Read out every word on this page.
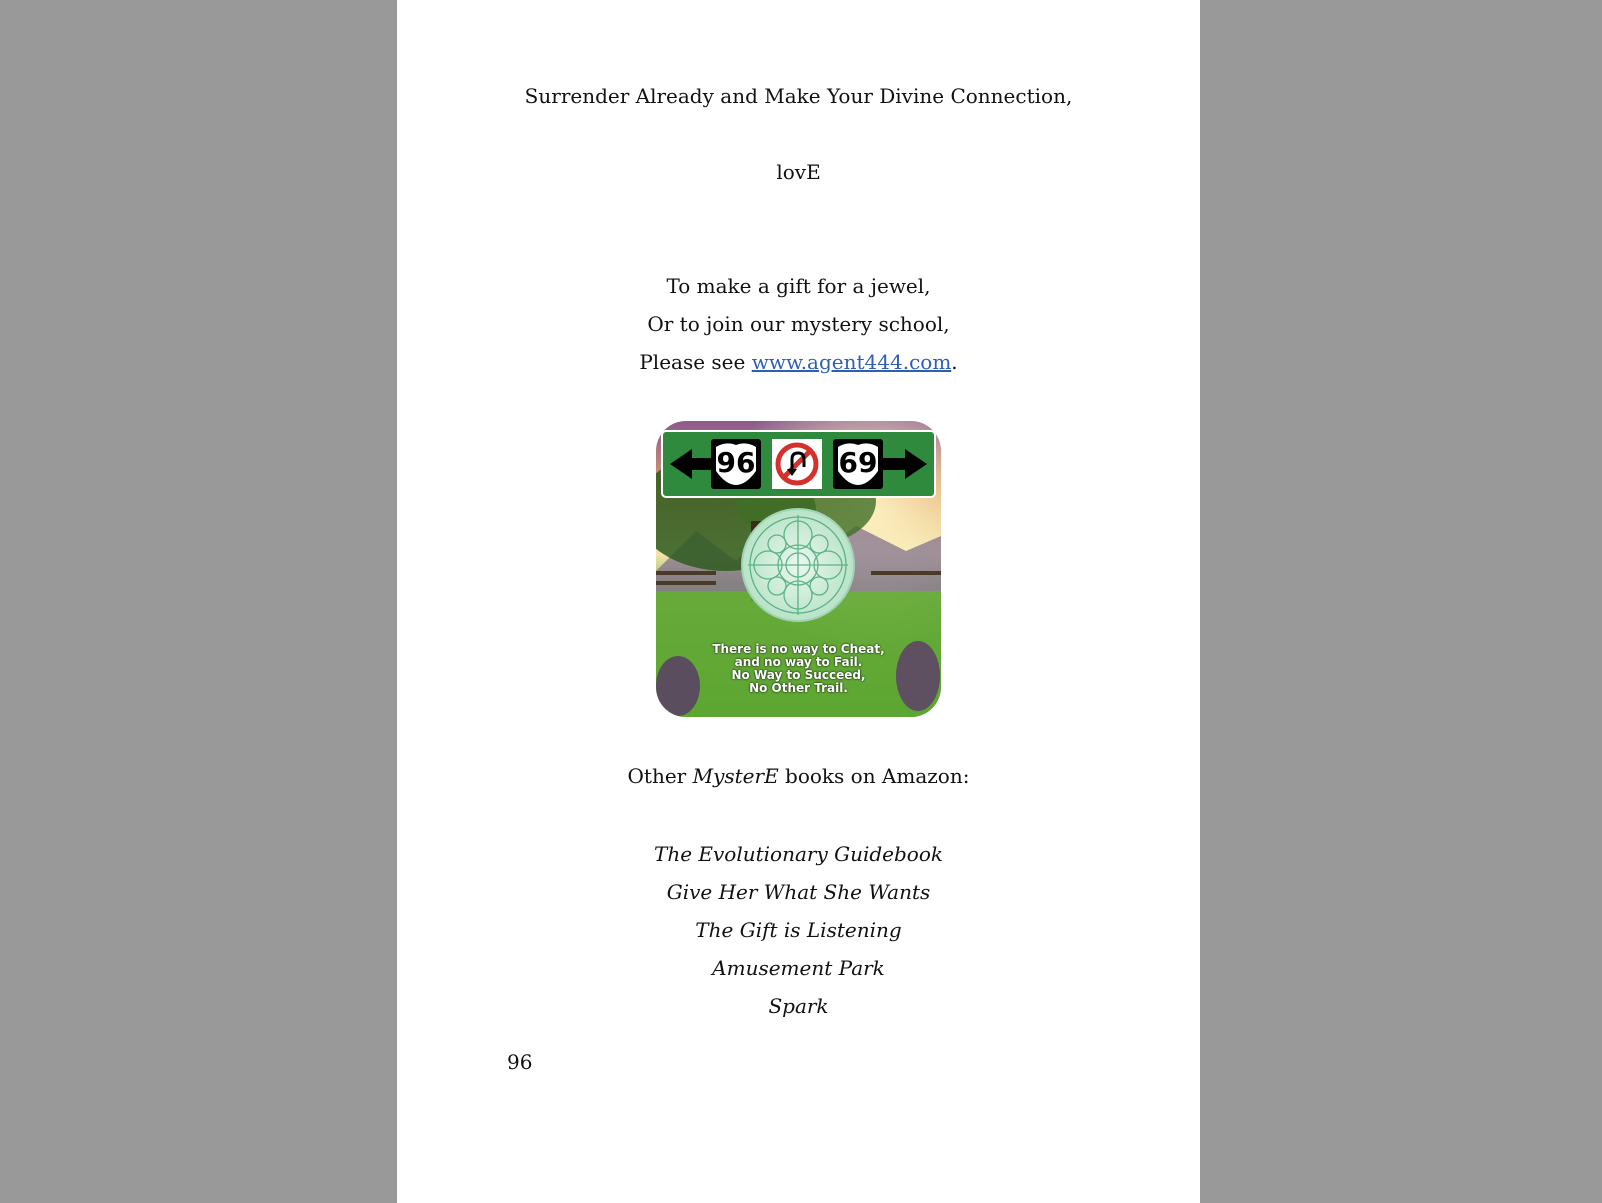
Surrender Already and Make Your Divine Connection,
lovE
To make a gift for a jewel,
Or to join our mystery school,
Please see www.agent444.com.
96	69
There is no way to Cheat,
and no way to Fail.
No Way to Succeed,
No Other Trail.
Other MysterE books on Amazon:
The Evolutionary Guidebook
Give Her What She Wants
The Gift is Listening
Amusement Park
Spark
96
